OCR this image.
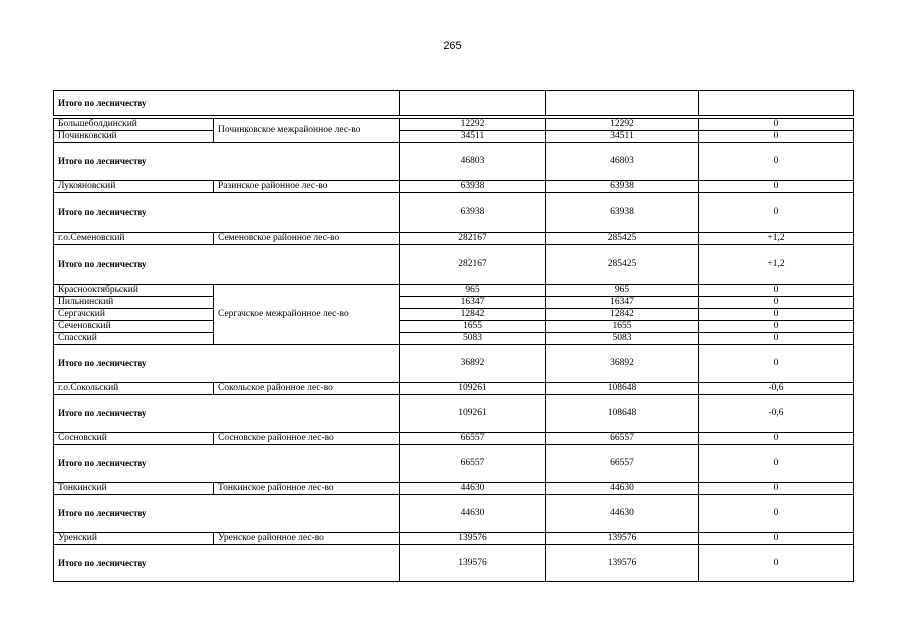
265
Итого по лесничеству				

Большеболдинский	Починковское межрайонное лес-во	12292	12292	0
Починковский		34511	34511	0
Итого по лесничеству		46803	46803	0
Лукояновский	Разинское районное лес-во	63938	63938	0
Итого по лесничеству		63938	63938	0
г.о.Семеновский	Семеновское районное лес-во	282167	285425	+1,2
Итого по лесничеству		282167	285425	+1,2
Краснооктябрьский	Сергачское межрайонное лес-во	965	965	0
Пильнинский		16347	16347	0
Сергачский		12842	12842	0
Сеченовский		1655	1655	0
Спасский		5083	5083	0
Итого по лесничеству		36892	36892	0
г.о.Сокольский	Сокольское районное лес-во	109261	108648	-0,6
Итого по лесничеству		109261	108648	-0,6
Сосновский	Сосновское районное лес-во	66557	66557	0
Итого по лесничеству		66557	66557	0
Тонкинский	Тонкинское районное лес-во	44630	44630	0
Итого по лесничеству		44630	44630	0
Уренский	Уренское районное лес-во	139576	139576	0
Итого по лесничеству		139576	139576	0
